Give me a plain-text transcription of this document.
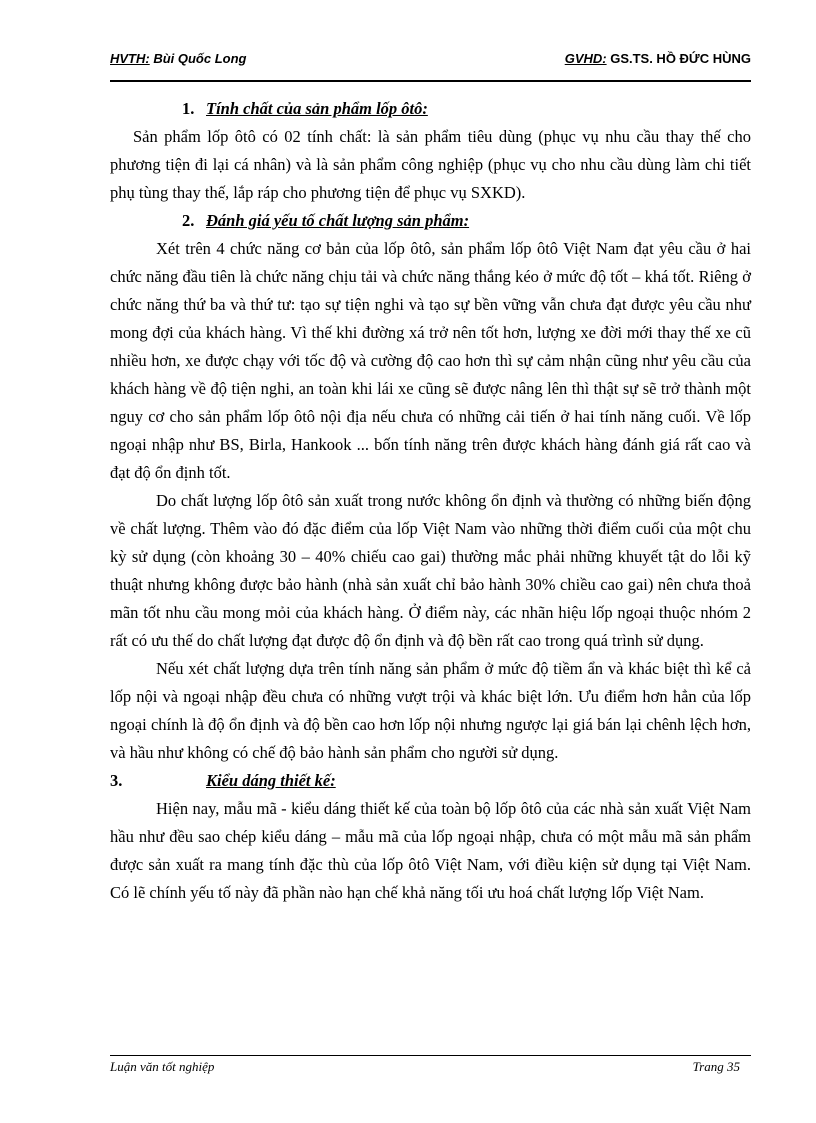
HVTH: Bùi Quốc Long	GVHD: GS.TS. HỒ ĐỨC HÙNG
1. Tính chất của sản phẩm lốp ôtô:

Sản phẩm lốp ôtô có 02 tính chất: là sản phẩm tiêu dùng (phục vụ nhu cầu thay thế cho phương tiện đi lại cá nhân) và là sản phẩm công nghiệp (phục vụ cho nhu cầu dùng làm chi tiết phụ tùng thay thế, lắp ráp cho phương tiện để phục vụ SXKD).

2. Đánh giá yếu tố chất lượng sản phẩm:

Xét trên 4 chức năng cơ bản của lốp ôtô, sản phẩm lốp ôtô Việt Nam đạt yêu cầu ở hai chức năng đầu tiên là chức năng chịu tải và chức năng thắng kéo ở mức độ tốt – khá tốt. Riêng ở chức năng thứ ba và thứ tư: tạo sự tiện nghi và tạo sự bền vững vẫn chưa đạt được yêu cầu như mong đợi của khách hàng. Vì thế khi đường xá trở nên tốt hơn, lượng xe đời mới thay thế xe cũ nhiều hơn, xe được chạy với tốc độ và cường độ cao hơn thì sự cảm nhận cũng như yêu cầu của khách hàng về độ tiện nghi, an toàn khi lái xe cũng sẽ được nâng lên thì thật sự sẽ trở thành một nguy cơ cho sản phẩm lốp ôtô nội địa nếu chưa có những cải tiến ở hai tính năng cuối. Về lốp ngoại nhập như BS, Birla, Hankook ... bốn tính năng trên được khách hàng đánh giá rất cao và đạt độ ổn định tốt.

Do chất lượng lốp ôtô sản xuất trong nước không ổn định và thường có những biến động về chất lượng. Thêm vào đó đặc điểm của lốp Việt Nam vào những thời điểm cuối của một chu kỳ sử dụng (còn khoảng 30 – 40% chiếu cao gai) thường mắc phải những khuyết tật do lỗi kỹ thuật nhưng không được bảo hành (nhà sản xuất chỉ bảo hành 30% chiều cao gai) nên chưa thoả mãn tốt nhu cầu mong mỏi của khách hàng. Ở điểm này, các nhãn hiệu lốp ngoại thuộc nhóm 2 rất có ưu thế do chất lượng đạt được độ ổn định và độ bền rất cao trong quá trình sử dụng.

Nếu xét chất lượng dựa trên tính năng sản phẩm ở mức độ tiềm ẩn và khác biệt thì kể cả lốp nội và ngoại nhập đều chưa có những vượt trội và khác biệt lớn. Ưu điểm hơn hẳn của lốp ngoại chính là độ ổn định và độ bền cao hơn lốp nội nhưng ngược lại giá bán lại chênh lệch hơn, và hầu như không có chế độ bảo hành sản phẩm cho người sử dụng.

3.	Kiểu dáng thiết kế:

Hiện nay, mẫu mã - kiểu dáng thiết kế của toàn bộ lốp ôtô của các nhà sản xuất Việt Nam hầu như đều sao chép kiểu dáng – mẫu mã của lốp ngoại nhập, chưa có một mẫu mã sản phẩm được sản xuất ra mang tính đặc thù của lốp ôtô Việt Nam, với điều kiện sử dụng tại Việt Nam. Có lẽ chính yếu tố này đã phần nào hạn chế khả năng tối ưu hoá chất lượng lốp Việt Nam.

Luận văn tốt nghiệp	Trang 35
